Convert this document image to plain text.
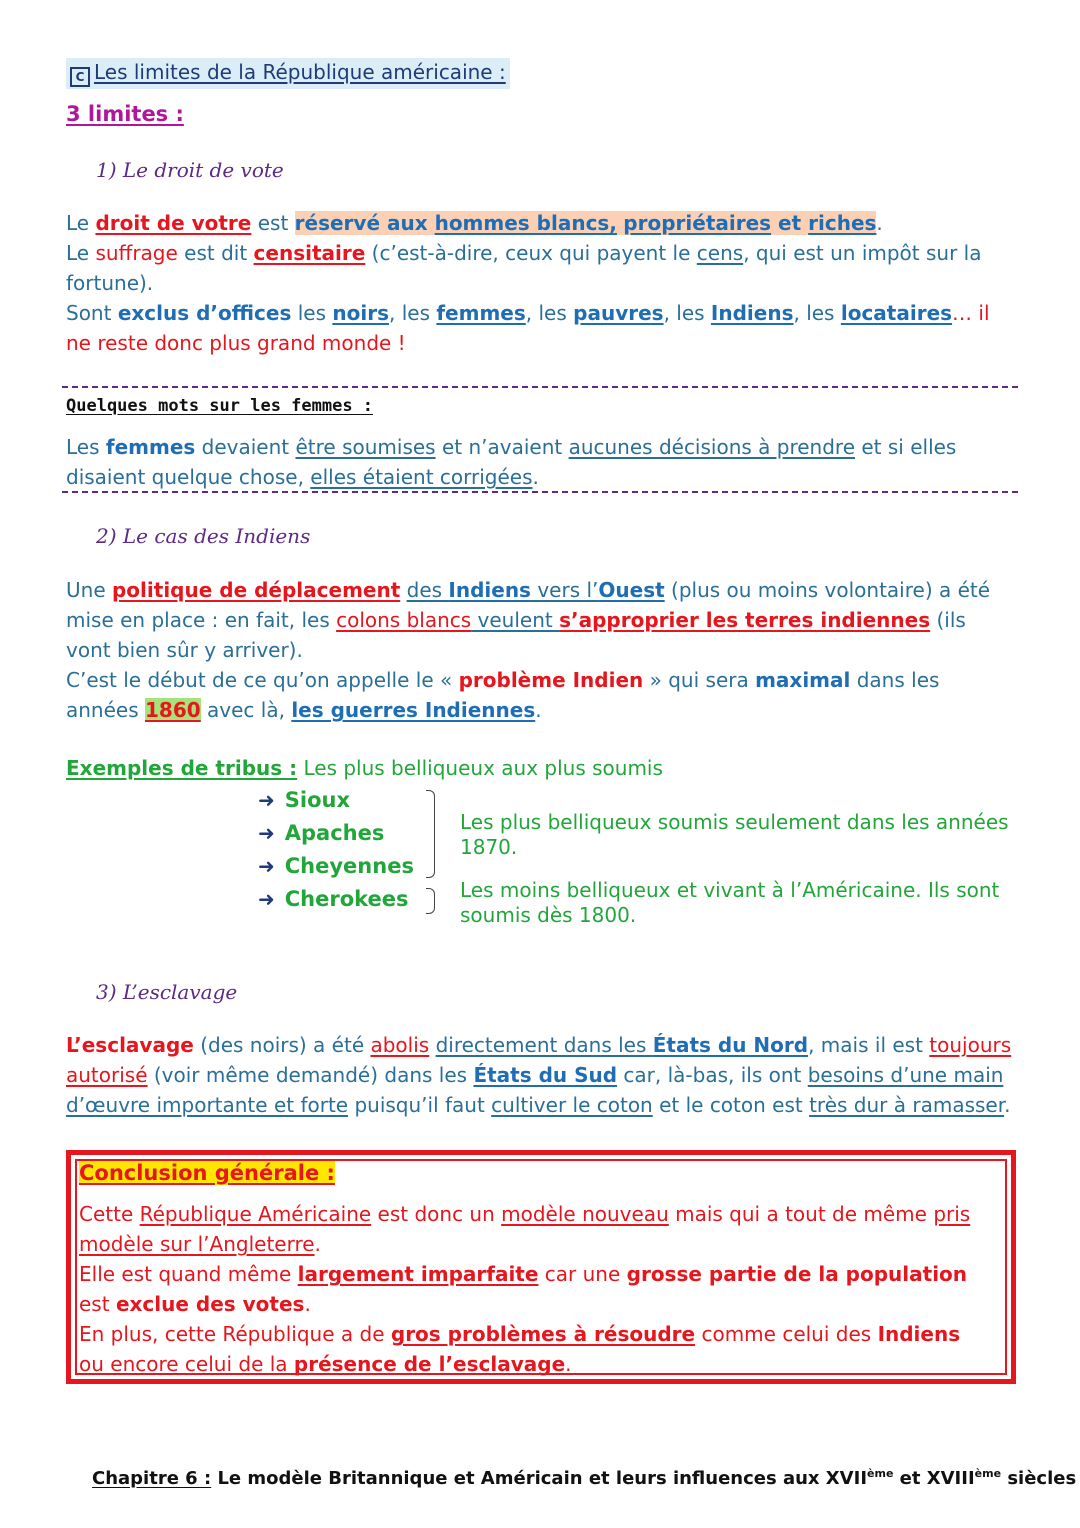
C Les limites de la République américaine :
3 limites :
1) Le droit de vote

Le droit de votre est réservé aux hommes blancs, propriétaires et riches.

Le suffrage est dit censitaire (c’est-à-dire, ceux qui payent le cens, qui est un impôt sur la fortune).

Sont exclus d’offices les noirs, les femmes, les pauvres, les Indiens, les locataires… il ne reste donc plus grand monde !

Quelques mots sur les femmes :

Les femmes devaient être soumises et n’avaient aucunes décisions à prendre et si elles disaient quelque chose, elles étaient corrigées.

2) Le cas des Indiens

Une politique de déplacement des Indiens vers l’Ouest (plus ou moins volontaire) a été mise en place : en fait, les colons blancs veulent s’approprier les terres indiennes (ils vont bien sûr y arriver).

C’est le début de ce qu’on appelle le « problème Indien » qui sera maximal dans les années 1860 avec là, les guerres Indiennes.

Exemples de tribus : Les plus belliqueux aux plus soumis
➜ Sioux
➜ Apaches
➜ Cheyennes
➜ Cherokees
Les plus belliqueux soumis seulement dans les années 1870.
Les moins belliqueux et vivant à l’Américaine. Ils sont soumis dès 1800.
3) L’esclavage

L’esclavage (des noirs) a été abolis directement dans les États du Nord, mais il est toujours autorisé (voir même demandé) dans les États du Sud car, là-bas, ils ont besoins d’une main d’œuvre importante et forte puisqu’il faut cultiver le coton et le coton est très dur à ramasser.

Conclusion générale :

Cette République Américaine est donc un modèle nouveau mais qui a tout de même pris modèle sur l’Angleterre.

Elle est quand même largement imparfaite car une grosse partie de la population est exclue des votes.

En plus, cette République a de gros problèmes à résoudre comme celui des Indiens ou encore celui de la présence de l’esclavage.

Chapitre 6 : Le modèle Britannique et Américain et leurs influences aux XVIIème et XVIIIème siècles
